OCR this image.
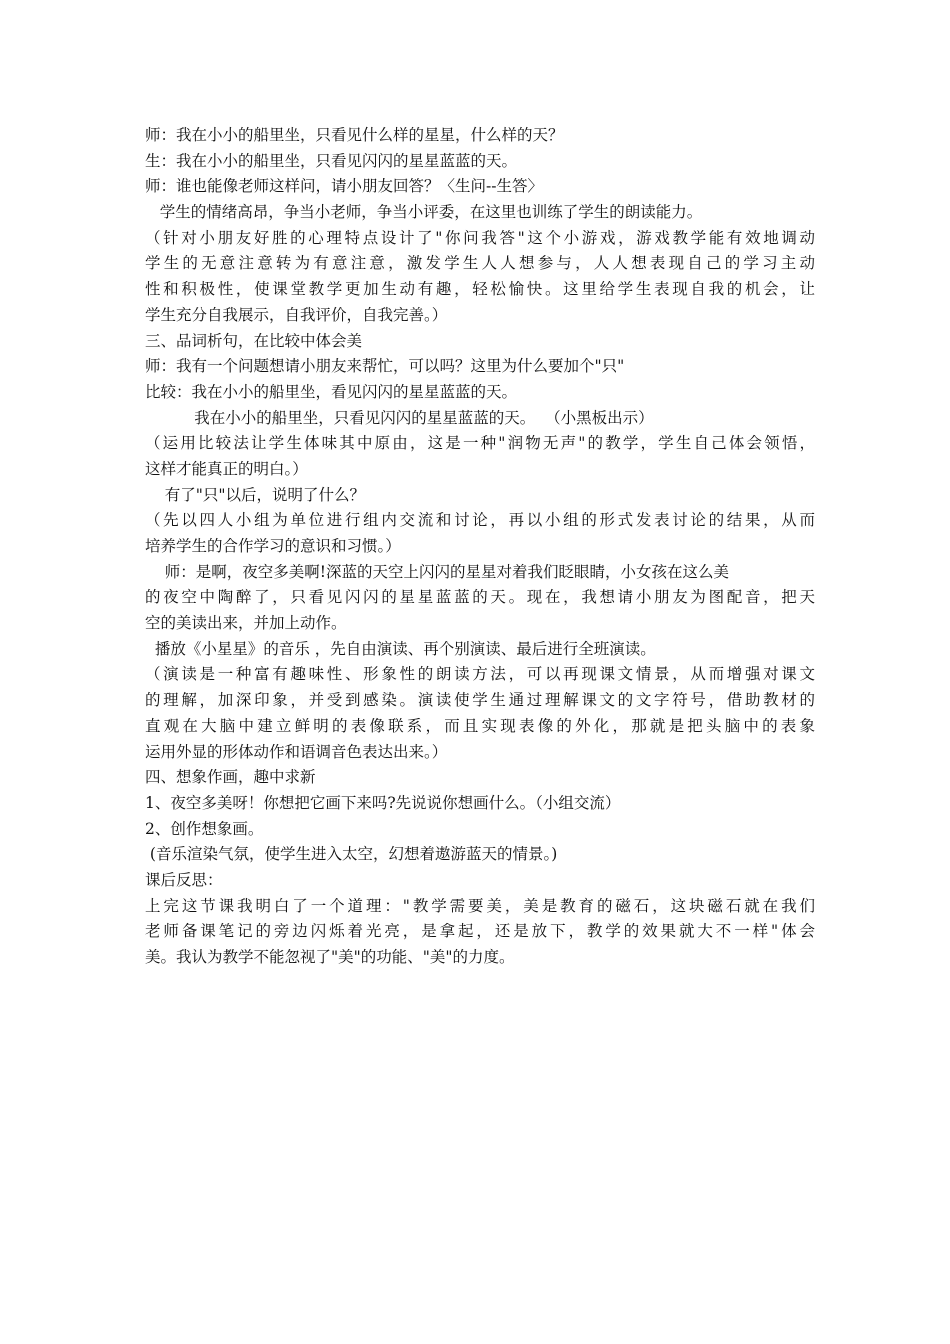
师：我在小小的船里坐，只看见什么样的星星，什么样的天？
生：我在小小的船里坐，只看见闪闪的星星蓝蓝的天。
师：谁也能像老师这样问，请小朋友回答？〈生问--生答〉
学生的情绪高昂，争当小老师，争当小评委，在这里也训练了学生的朗读能力。
（针对小朋友好胜的心理特点设计了"你问我答"这个小游戏，游戏教学能有效地调动
学生的无意注意转为有意注意，激发学生人人想参与，人人想表现自己的学习主动
性和积极性，使课堂教学更加生动有趣，轻松愉快。这里给学生表现自我的机会，让
学生充分自我展示，自我评价，自我完善。）
三、品词析句，在比较中体会美
师：我有一个问题想请小朋友来帮忙，可以吗？这里为什么要加个"只"
比较：我在小小的船里坐，看见闪闪的星星蓝蓝的天。
我在小小的船里坐，只看见闪闪的星星蓝蓝的天。  （小黑板出示）
（运用比较法让学生体味其中原由，这是一种"润物无声"的教学，学生自己体会领悟，
这样才能真正的明白。）
有了"只"以后，说明了什么？
（先以四人小组为单位进行组内交流和讨论，再以小组的形式发表讨论的结果，从而
培养学生的合作学习的意识和习惯。）
师：是啊，夜空多美啊!深蓝的天空上闪闪的星星对着我们眨眼睛，小女孩在这么美
的夜空中陶醉了，只看见闪闪的星星蓝蓝的天。现在，我想请小朋友为图配音，把天
空的美读出来，并加上动作。
播放《小星星》的音乐 ，先自由演读、再个别演读、最后进行全班演读。
（演读是一种富有趣味性、形象性的朗读方法，可以再现课文情景，从而增强对课文
的理解，加深印象，并受到感染。演读使学生通过理解课文的文字符号，借助教材的
直观在大脑中建立鲜明的表像联系，而且实现表像的外化，那就是把头脑中的表象
运用外显的形体动作和语调音色表达出来。）
四、想象作画，趣中求新
1、夜空多美呀！你想把它画下来吗?先说说你想画什么。（小组交流）
2、创作想象画。
(音乐渲染气氛，使学生进入太空，幻想着遨游蓝天的情景。)
课后反思：
上完这节课我明白了一个道理："教学需要美，美是教育的磁石，这块磁石就在我们
老师备课笔记的旁边闪烁着光亮，是拿起，还是放下，教学的效果就大不一样"体会
美。我认为教学不能忽视了"美"的功能、"美"的力度。
